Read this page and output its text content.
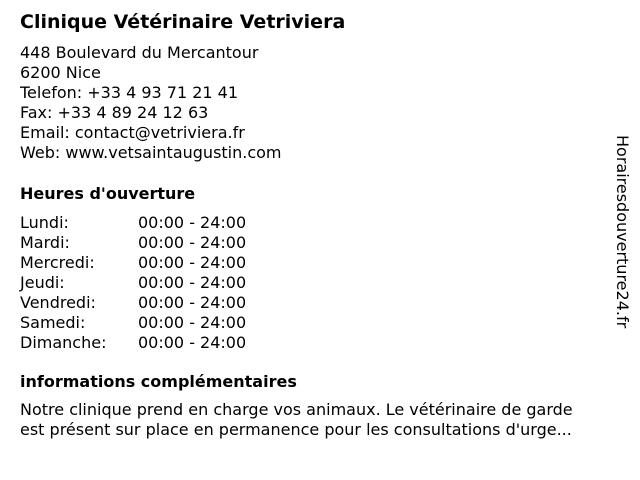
Clinique Vétérinaire Vetriviera
448 Boulevard du Mercantour
6200 Nice
Telefon: +33 4 93 71 21 41
Fax: +33 4 89 24 12 63
Email: contact@vetriviera.fr
Web: www.vetsaintaugustin.com
Heures d'ouverture
Lundi:	00:00 - 24:00
Mardi:	00:00 - 24:00
Mercredi:	00:00 - 24:00
Jeudi:	00:00 - 24:00
Vendredi:	00:00 - 24:00
Samedi:	00:00 - 24:00
Dimanche:	00:00 - 24:00
informations complémentaires
Notre clinique prend en charge vos animaux. Le vétérinaire de garde
est présent sur place en permanence pour les consultations d'urge...
Horairesdouverture24.fr
